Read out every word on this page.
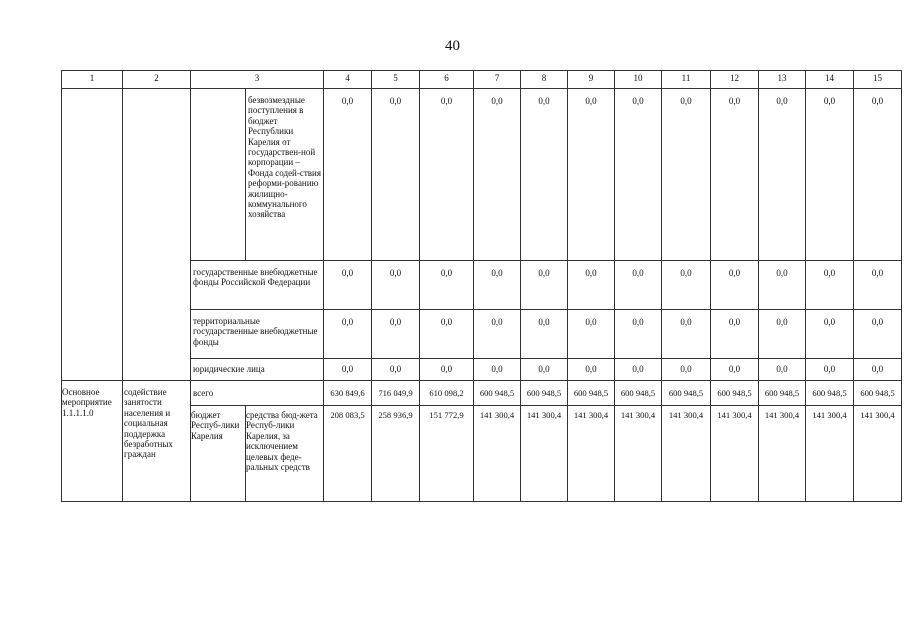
40
1	2	3		4	5	6	7	8	9	10	11	12	13	14	15
			безвозмездные поступления в бюджет Республики Карелия от государствен-ной корпорации – Фонда содей-ствия реформи-рованию жилищно-коммунального хозяйства	0,0	0,0	0,0	0,0	0,0	0,0	0,0	0,0	0,0	0,0	0,0	0,0
		государственные внебюджетные фонды Российской Федерации		0,0	0,0	0,0	0,0	0,0	0,0	0,0	0,0	0,0	0,0	0,0	0,0
		территориальные государственные внебюджетные фонды		0,0	0,0	0,0	0,0	0,0	0,0	0,0	0,0	0,0	0,0	0,0	0,0
		юридические лица		0,0	0,0	0,0	0,0	0,0	0,0	0,0	0,0	0,0	0,0	0,0	0,0
Основное мероприятие 1.1.1.1.0	содействие занятости населения и социальная поддержка безработных граждан	всего		630 849,6	716 049,9	610 098,2	600 948,5	600 948,5	600 948,5	600 948,5	600 948,5	600 948,5	600 948,5	600 948,5	600 948,5
		бюджет Респуб-лики Карелия	средства бюд-жета Респуб-лики Карелия, за исключением целевых феде-ральных средств	208 083,5	258 936,9	151 772,9	141 300,4	141 300,4	141 300,4	141 300,4	141 300,4	141 300,4	141 300,4	141 300,4	141 300,4
